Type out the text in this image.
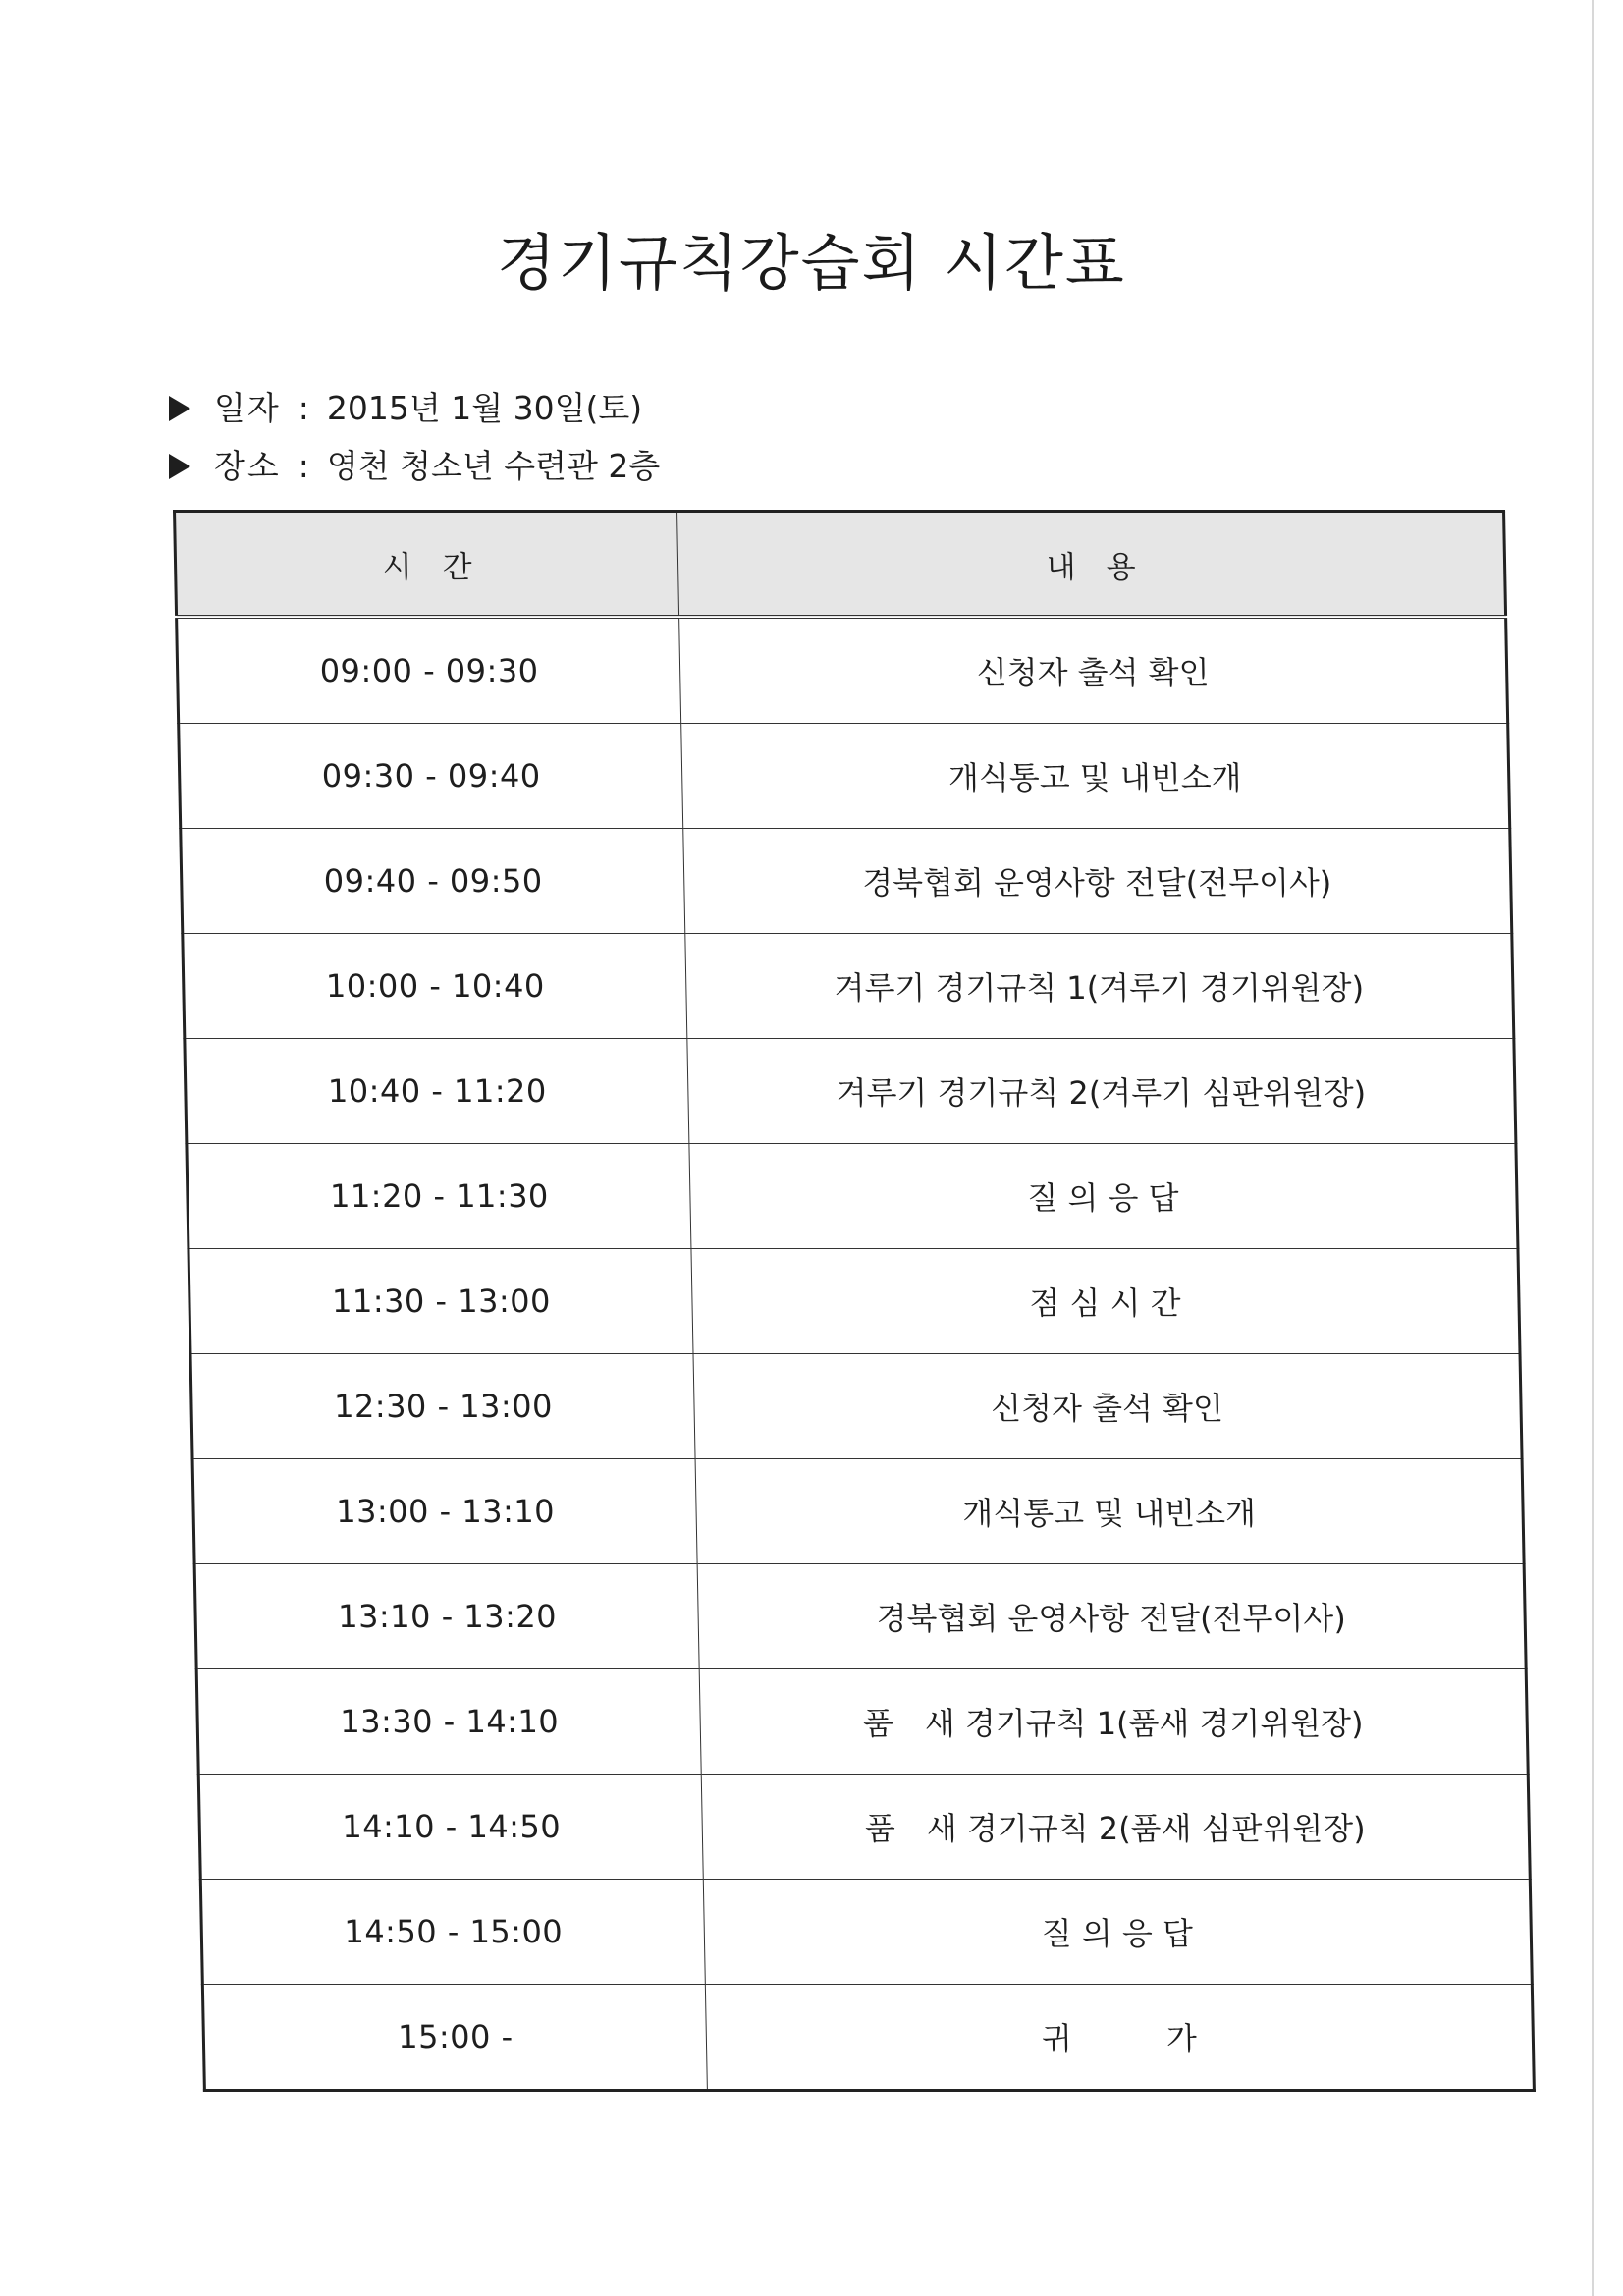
경기규칙강습회 시간표
일자 : 2015년 1월 30일(토)
장소 : 영천 청소년 수련관 2층
시　간	내　용
09:00 - 09:30	신청자 출석 확인
09:30 - 09:40	개식통고 및 내빈소개
09:40 - 09:50	경북협회 운영사항 전달(전무이사)
10:00 - 10:40	겨루기 경기규칙 1(겨루기 경기위원장)
10:40 - 11:20	겨루기 경기규칙 2(겨루기 심판위원장)
11:20 - 11:30	질 의 응 답
11:30 - 13:00	점 심 시 간
12:30 - 13:00	신청자 출석 확인
13:00 - 13:10	개식통고 및 내빈소개
13:10 - 13:20	경북협회 운영사항 전달(전무이사)
13:30 - 14:10	품　새 경기규칙 1(품새 경기위원장)
14:10 - 14:50	품　새 경기규칙 2(품새 심판위원장)
14:50 - 15:00	질 의 응 답
15:00 -	귀　　　가
